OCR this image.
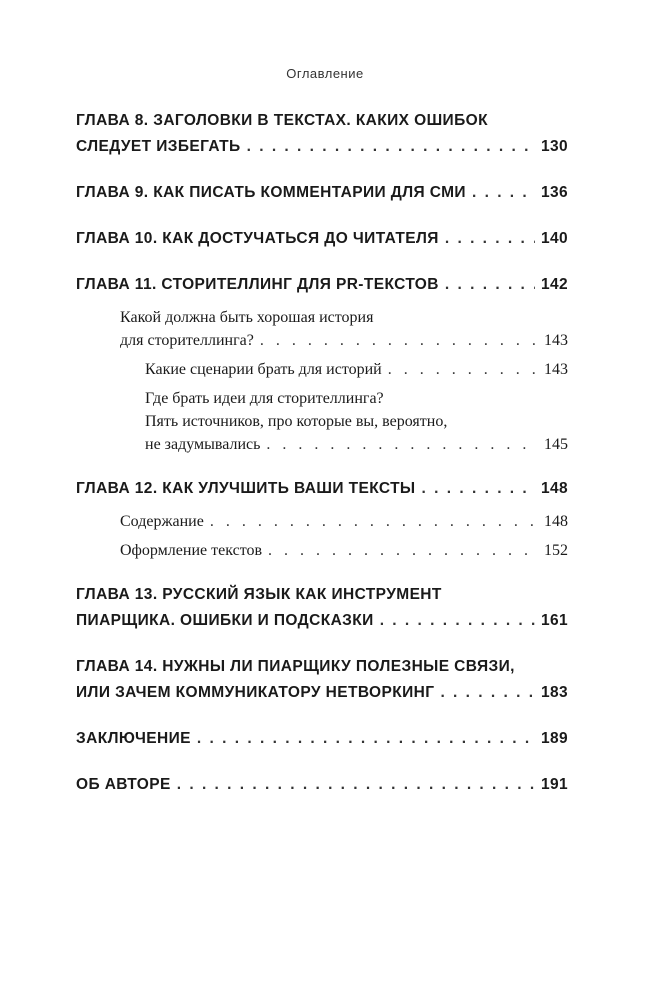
Оглавление
ГЛАВА 8. ЗАГОЛОВКИ В ТЕКСТАХ. КАКИХ ОШИБОК
СЛЕДУЕТ ИЗБЕГАТЬ . . .	130
ГЛАВА 9. КАК ПИСАТЬ КОММЕНТАРИИ ДЛЯ СМИ . . .	136
ГЛАВА 10. КАК ДОСТУЧАТЬСЯ ДО ЧИТАТЕЛЯ . . .	140
ГЛАВА 11. СТОРИТЕЛЛИНГ ДЛЯ PR-ТЕКСТОВ . . .	142
Какой должна быть хорошая история
для сторителлинга? . . .	143
Какие сценарии брать для историй . . .	143
Где брать идеи для сторителлинга?
Пять источников, про которые вы, вероятно,
не задумывались . . .	145
ГЛАВА 12. КАК УЛУЧШИТЬ ВАШИ ТЕКСТЫ . . .	148
Содержание . . .	148
Оформление текстов . . .	152
ГЛАВА 13. РУССКИЙ ЯЗЫК КАК ИНСТРУМЕНТ
ПИАРЩИКА. ОШИБКИ И ПОДСКАЗКИ . . .	161
ГЛАВА 14. НУЖНЫ ЛИ ПИАРЩИКУ ПОЛЕЗНЫЕ СВЯЗИ,
ИЛИ ЗАЧЕМ КОММУНИКАТОРУ НЕТВОРКИНГ . . .	183
ЗАКЛЮЧЕНИЕ . . .	189
ОБ АВТОРЕ . . .	191
